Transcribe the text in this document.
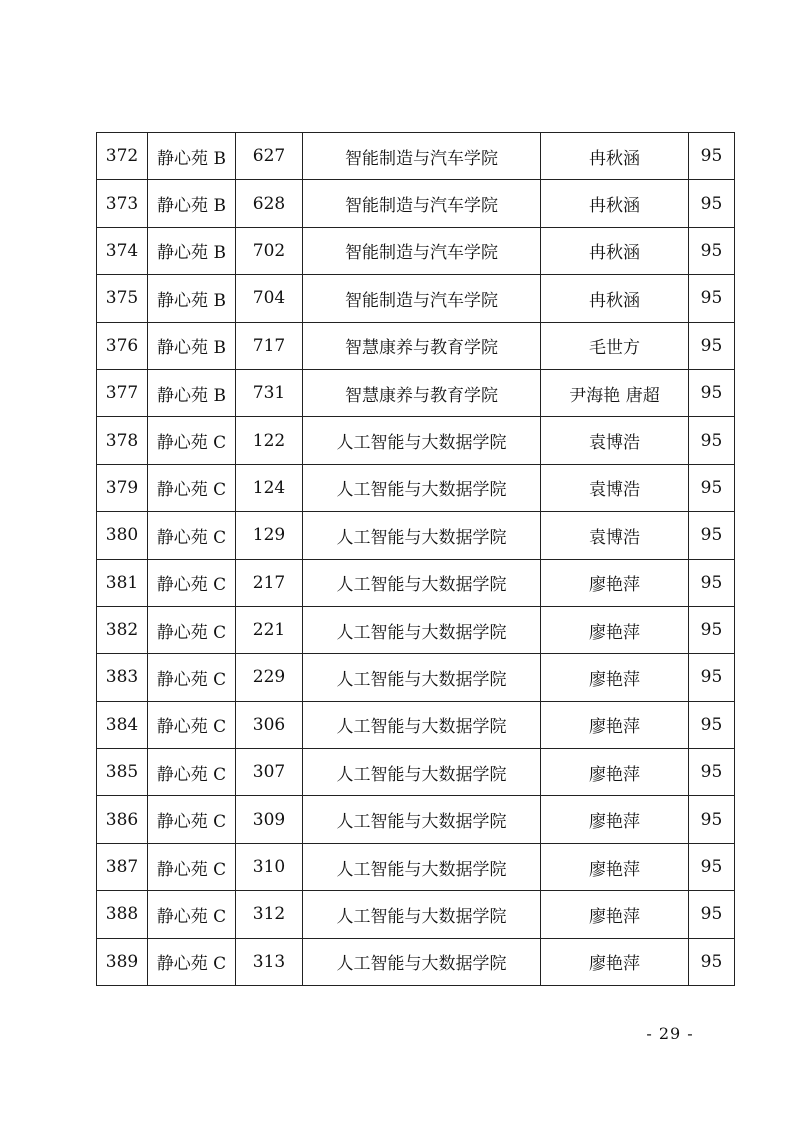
372	静心苑 B	627	智能制造与汽车学院	冉秋涵	95
373	静心苑 B	628	智能制造与汽车学院	冉秋涵	95
374	静心苑 B	702	智能制造与汽车学院	冉秋涵	95
375	静心苑 B	704	智能制造与汽车学院	冉秋涵	95
376	静心苑 B	717	智慧康养与教育学院	毛世方	95
377	静心苑 B	731	智慧康养与教育学院	尹海艳 唐超	95
378	静心苑 C	122	人工智能与大数据学院	袁博浩	95
379	静心苑 C	124	人工智能与大数据学院	袁博浩	95
380	静心苑 C	129	人工智能与大数据学院	袁博浩	95
381	静心苑 C	217	人工智能与大数据学院	廖艳萍	95
382	静心苑 C	221	人工智能与大数据学院	廖艳萍	95
383	静心苑 C	229	人工智能与大数据学院	廖艳萍	95
384	静心苑 C	306	人工智能与大数据学院	廖艳萍	95
385	静心苑 C	307	人工智能与大数据学院	廖艳萍	95
386	静心苑 C	309	人工智能与大数据学院	廖艳萍	95
387	静心苑 C	310	人工智能与大数据学院	廖艳萍	95
388	静心苑 C	312	人工智能与大数据学院	廖艳萍	95
389	静心苑 C	313	人工智能与大数据学院	廖艳萍	95
- 29 -
